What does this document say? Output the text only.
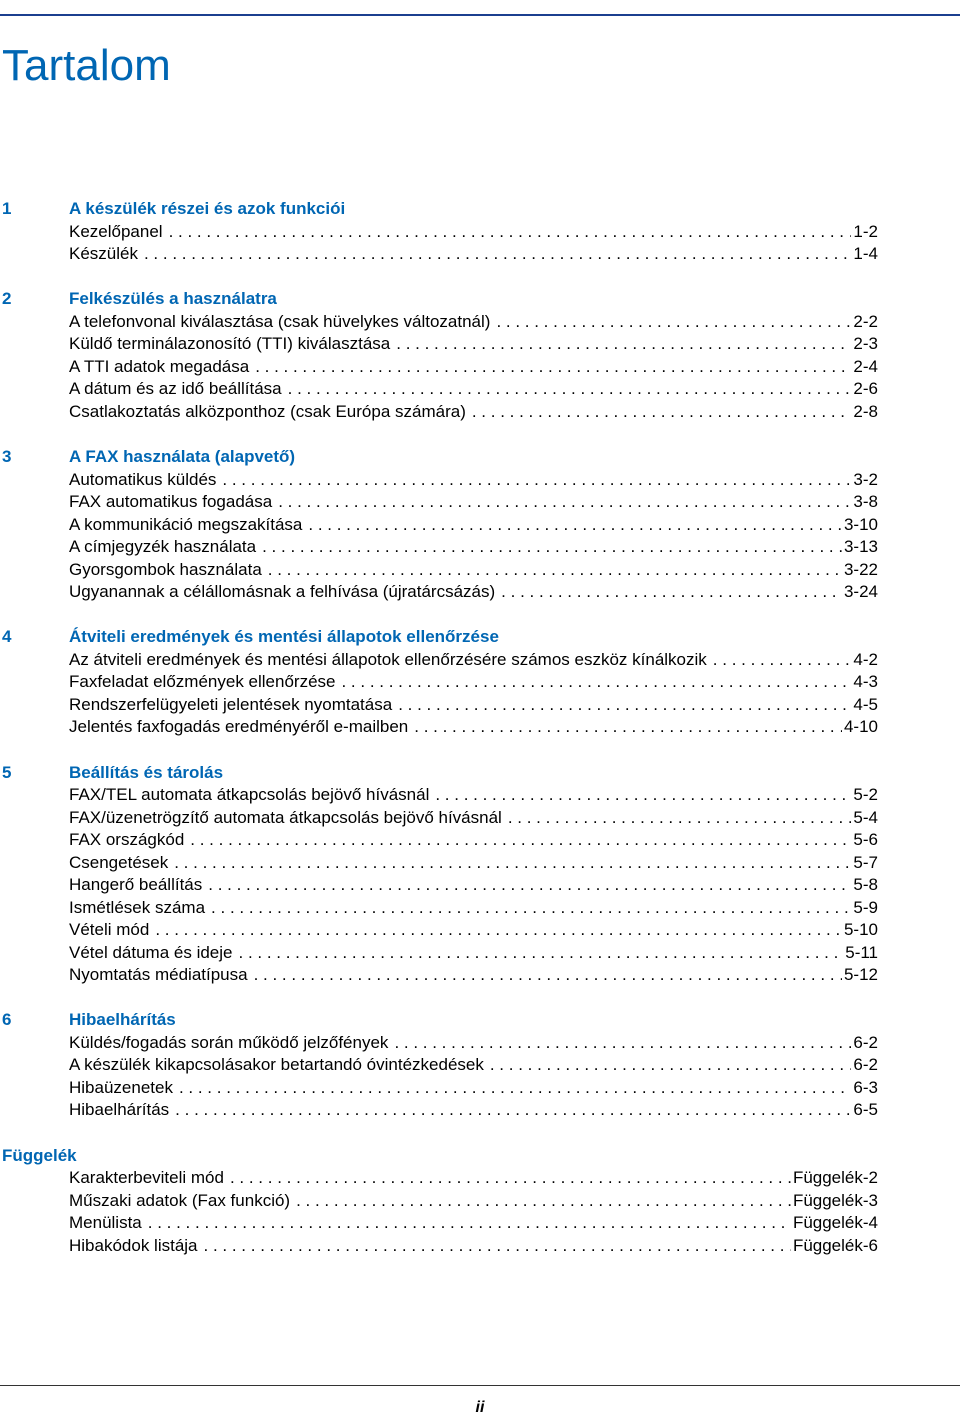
Tartalom
1	A készülék részei és azok funkciói
Kezelőpanel . . .	1-2
Készülék . . .	1-4
2	Felkészülés a használatra
A telefonvonal kiválasztása (csak hüvelykes változatnál) . . .	2-2
Küldő terminálazonosító (TTI) kiválasztása . . .	2-3
A TTI adatok megadása . . .	2-4
A dátum és az idő beállítása . . .	2-6
Csatlakoztatás alközponthoz (csak Európa számára) . . .	2-8
3	A FAX használata (alapvető)
Automatikus küldés . . .	3-2
FAX automatikus fogadása . . .	3-8
A kommunikáció megszakítása . . .	3-10
A címjegyzék használata . . .	3-13
Gyorsgombok használata . . .	3-22
Ugyanannak a célállomásnak a felhívása (újratárcsázás) . . .	3-24
4	Átviteli eredmények és mentési állapotok ellenőrzése
Az átviteli eredmények és mentési állapotok ellenőrzésére számos eszköz kínálkozik . . .	4-2
Faxfeladat előzmények ellenőrzése . . .	4-3
Rendszerfelügyeleti jelentések nyomtatása . . .	4-5
Jelentés faxfogadás eredményéről e-mailben . . .	4-10
5	Beállítás és tárolás
FAX/TEL automata átkapcsolás bejövő hívásnál . . .	5-2
FAX/üzenetrögzítő automata átkapcsolás bejövő hívásnál . . .	5-4
FAX országkód . . .	5-6
Csengetések . . .	5-7
Hangerő beállítás . . .	5-8
Ismétlések száma . . .	5-9
Vételi mód . . .	5-10
Vétel dátuma és ideje . . .	5-11
Nyomtatás médiatípusa . . .	5-12
6	Hibaelhárítás
Küldés/fogadás során működő jelzőfények . . .	6-2
A készülék kikapcsolásakor betartandó óvintézkedések . . .	6-2
Hibaüzenetek . . .	6-3
Hibaelhárítás . . .	6-5
Függelék
Karakterbeviteli mód . . .	Függelék-2
Műszaki adatok (Fax funkció) . . .	Függelék-3
Menülista . . .	Függelék-4
Hibakódok listája . . .	Függelék-6
ii
